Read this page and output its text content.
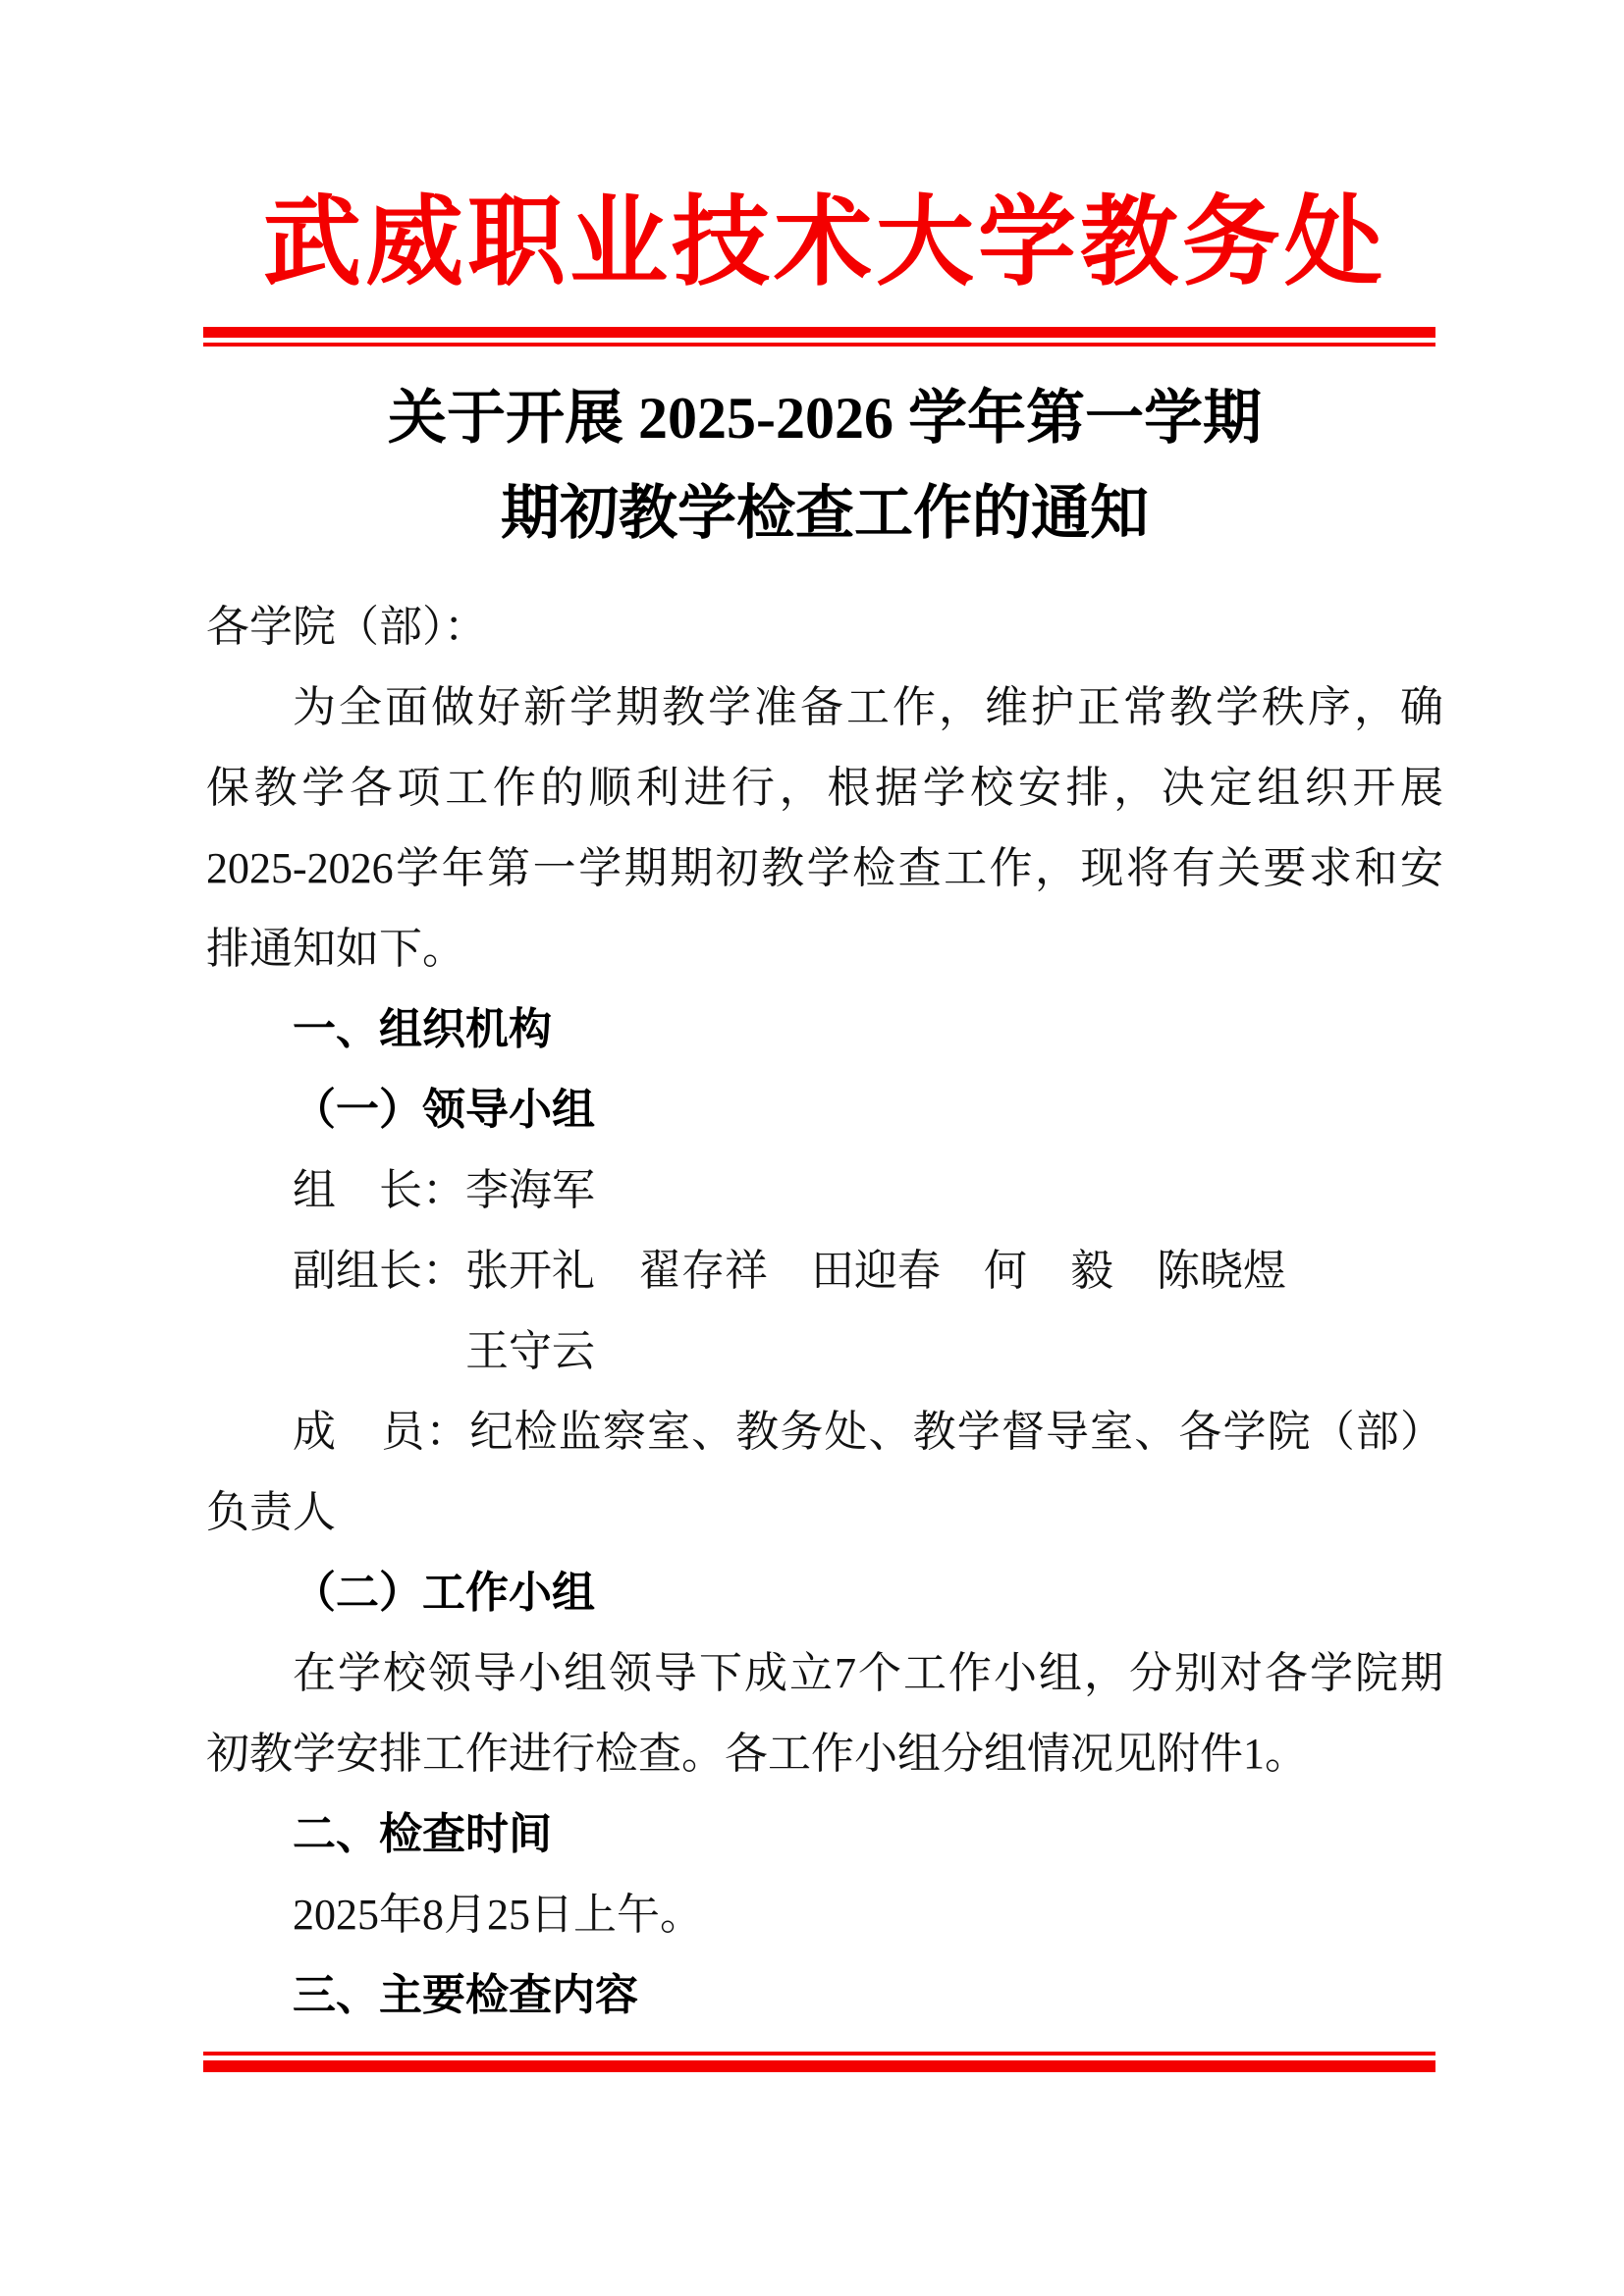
武威职业技术大学教务处
关于开展 2025-2026 学年第一学期
期初教学检查工作的通知
各学院（部）：
为全面做好新学期教学准备工作，维护正常教学秩序，确
保教学各项工作的顺利进行，根据学校安排，决定组织开展
2025-2026学年第一学期期初教学检查工作，现将有关要求和安
排通知如下。
一、组织机构
（一）领导小组
组　长：李海军
副组长：张开礼　翟存祥　田迎春　何　毅　陈晓煜
王守云
成　员：纪检监察室、教务处、教学督导室、各学院（部）
负责人
（二）工作小组
在学校领导小组领导下成立7个工作小组，分别对各学院期
初教学安排工作进行检查。各工作小组分组情况见附件1。
二、检查时间
2025年8月25日上午。
三、主要检查内容
